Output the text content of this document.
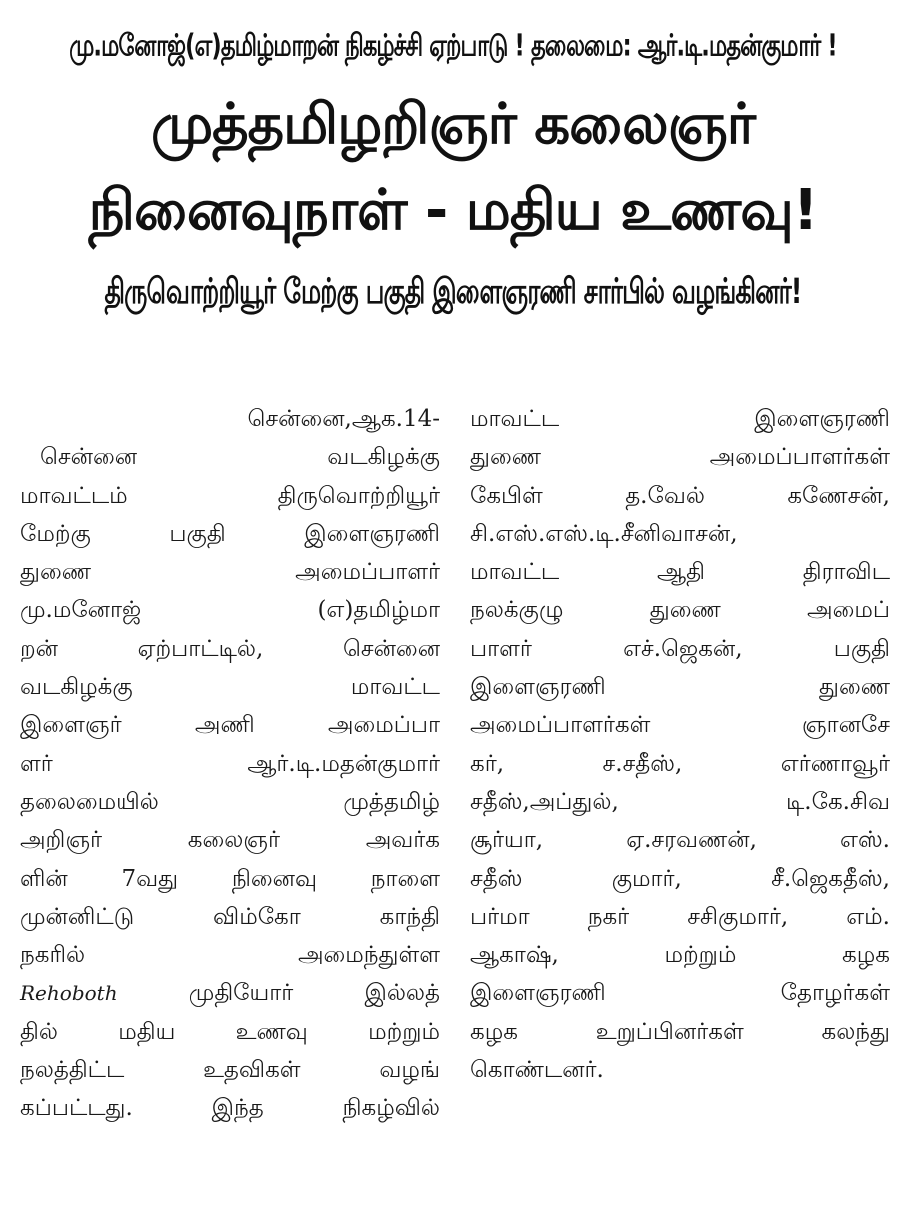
மு.மனோஜ்(எ)தமிழ்மாறன் நிகழ்ச்சி ஏற்பாடு ! தலைமை: ஆர்.டி.மதன்குமார் !
முத்தமிழறிஞர் கலைஞர்
நினைவுநாள் - மதிய உணவு!
திருவொற்றியூர் மேற்கு பகுதி இளைஞரணி சார்பில் வழங்கினர்!
சென்னை,ஆக.14-
சென்னை வடகிழக்கு
மாவட்டம் திருவொற்றியூர்
மேற்கு பகுதி இளைஞரணி
துணை அமைப்பாளர்
மு.மனோஜ் (எ)தமிழ்மா
றன் ஏற்பாட்டில், சென்னை
வடகிழக்கு மாவட்ட
இளைஞர் அணி அமைப்பா
ளர் ஆர்.டி.மதன்குமார்
தலைமையில் முத்தமிழ்
அறிஞர் கலைஞர் அவர்க
ளின் 7வது நினைவு நாளை
முன்னிட்டு விம்கோ காந்தி
நகரில் அமைந்துள்ள
Rehoboth	முதியோர் இல்லத்
தில் மதிய உணவு மற்றும்
நலத்திட்ட உதவிகள் வழங்
கப்பட்டது. இந்த நிகழ்வில்
மாவட்ட இளைஞரணி
துணை அமைப்பாளர்கள்
கேபிள் த.வேல் கணேசன்,
சி.எஸ்.எஸ்.டி.சீனிவாசன்,
மாவட்ட ஆதி திராவிட
நலக்குழு துணை அமைப்
பாளர் எச்.ஜெகன், பகுதி
இளைஞரணி துணை
அமைப்பாளர்கள் ஞானசே
கர், ச.சதீஸ், எர்ணாவூர்
சதீஸ்,அப்துல், டி.கே.சிவ
சூர்யா, ஏ.சரவணன், எஸ்.
சதீஸ் குமார், சீ.ஜெகதீஸ்,
பர்மா நகர் சசிகுமார், எம்.
ஆகாஷ், மற்றும் கழக
இளைஞரணி தோழர்கள்
கழக உறுப்பினர்கள் கலந்து
கொண்டனர்.
